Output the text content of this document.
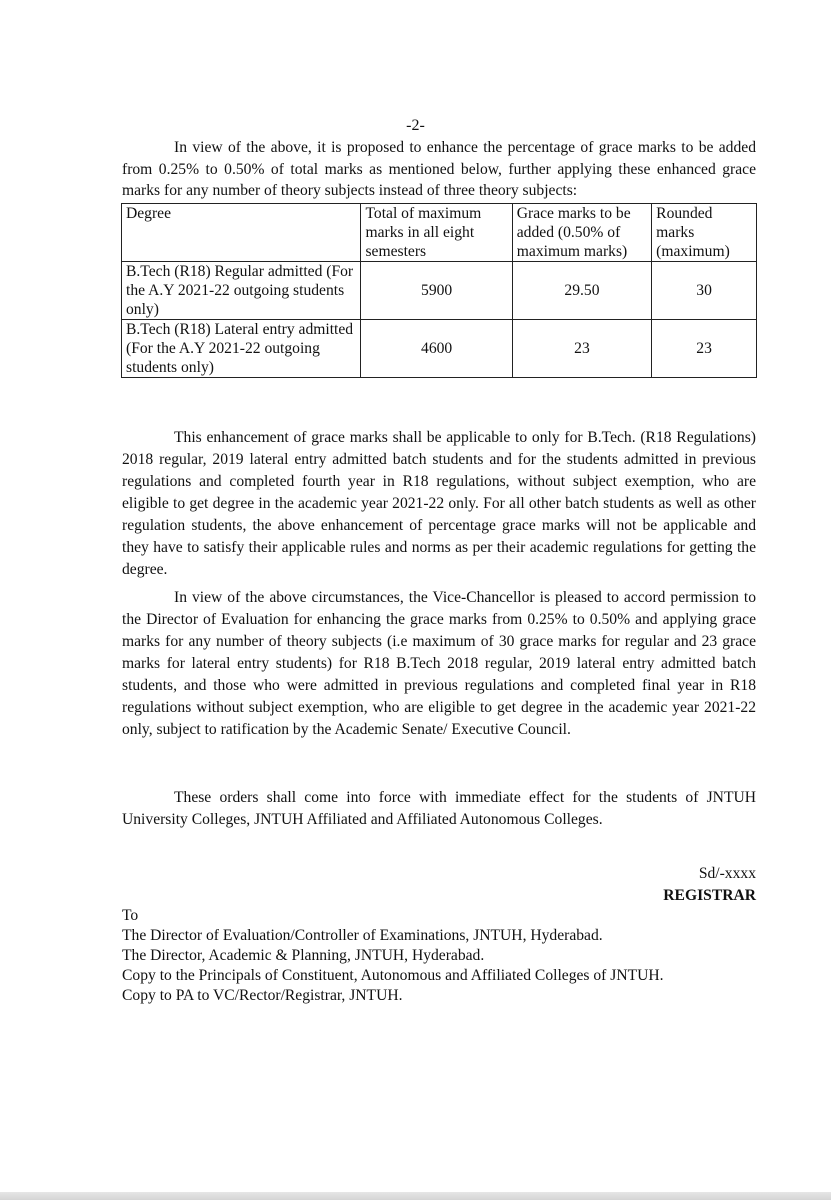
-2-

In view of the above, it is proposed to enhance the percentage of grace marks to be added from 0.25% to 0.50% of total marks as mentioned below, further applying these enhanced grace marks for any number of theory subjects instead of three theory subjects:

Degree	Total of maximum marks in all eight semesters	Grace marks to be added (0.50% of maximum marks)	Rounded marks (maximum)
B.Tech (R18) Regular admitted (For the A.Y 2021-22 outgoing students only)	5900	29.50	30
B.Tech (R18) Lateral entry admitted (For the A.Y 2021-22 outgoing students only)	4600	23	23

This enhancement of grace marks shall be applicable to only for B.Tech. (R18 Regulations) 2018 regular, 2019 lateral entry admitted batch students and for the students admitted in previous regulations and completed fourth year in R18 regulations, without subject exemption, who are eligible to get degree in the academic year 2021-22 only. For all other batch students as well as other regulation students, the above enhancement of percentage grace marks will not be applicable and they have to satisfy their applicable rules and norms as per their academic regulations for getting the degree.

In view of the above circumstances, the Vice-Chancellor is pleased to accord permission to the Director of Evaluation for enhancing the grace marks from 0.25% to 0.50% and applying grace marks for any number of theory subjects (i.e maximum of 30 grace marks for regular and 23 grace marks for lateral entry students) for R18 B.Tech 2018 regular, 2019 lateral entry admitted batch students, and those who were admitted in previous regulations and completed final year in R18 regulations without subject exemption, who are eligible to get degree in the academic year 2021-22 only, subject to ratification by the Academic Senate/ Executive Council.

These orders shall come into force with immediate effect for the students of JNTUH University Colleges, JNTUH Affiliated and Affiliated Autonomous Colleges.

Sd/-xxxx
REGISTRAR
To
The Director of Evaluation/Controller of Examinations, JNTUH, Hyderabad.
The Director, Academic & Planning, JNTUH, Hyderabad.
Copy to the Principals of Constituent, Autonomous and Affiliated Colleges of JNTUH.
Copy to PA to VC/Rector/Registrar, JNTUH.
